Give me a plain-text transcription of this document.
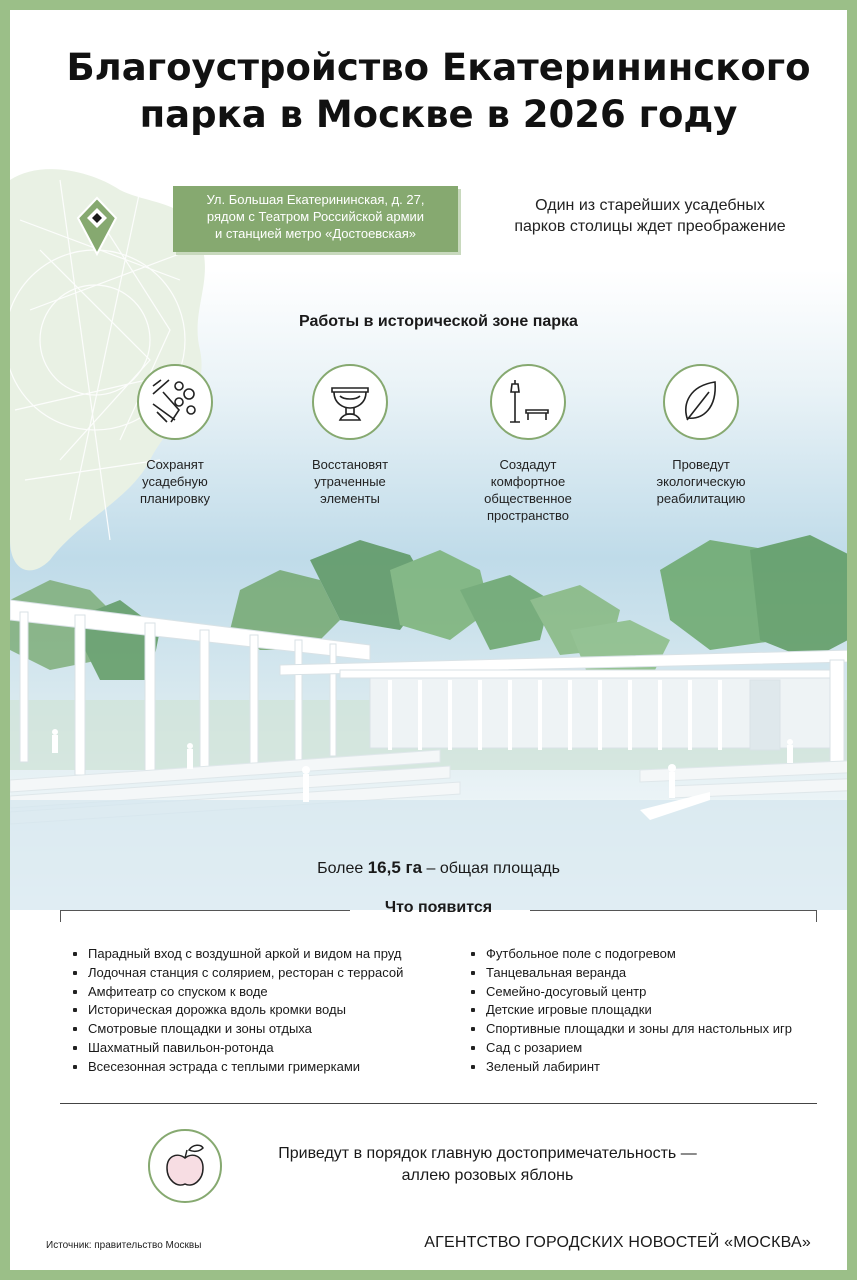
Благоустройство Екатерининского
парка в Москве в 2026 году
Ул. Большая Екатерининская, д. 27,
рядом с Театром Российской армии
и станцией метро «Достоевская»
Один из старейших усадебных
парков столицы ждет преображение
Работы в исторической зоне парка
Сохранят
усадебную
планировку
Восстановят
утраченные
элементы
Создадут
комфортное
общественное
пространство
Проведут
экологическую
реабилитацию
Более 16,5 га – общая площадь
Что появится
Парадный вход с воздушной аркой и видом на пруд
Лодочная станция с солярием, ресторан с террасой
Амфитеатр со спуском к воде
Историческая дорожка вдоль кромки воды
Смотровые площадки и зоны отдыха
Шахматный павильон-ротонда
Всесезонная эстрада с теплыми гримерками
Футбольное поле с подогревом
Танцевальная веранда
Семейно-досуговый центр
Детские игровые площадки
Спортивные площадки и зоны для настольных игр
Сад с розарием
Зеленый лабиринт
Приведут в порядок главную достопримечательность —
аллею розовых яблонь
Источник: правительство Москвы	АГЕНТСТВО ГОРОДСКИХ НОВОСТЕЙ «МОСКВА»
